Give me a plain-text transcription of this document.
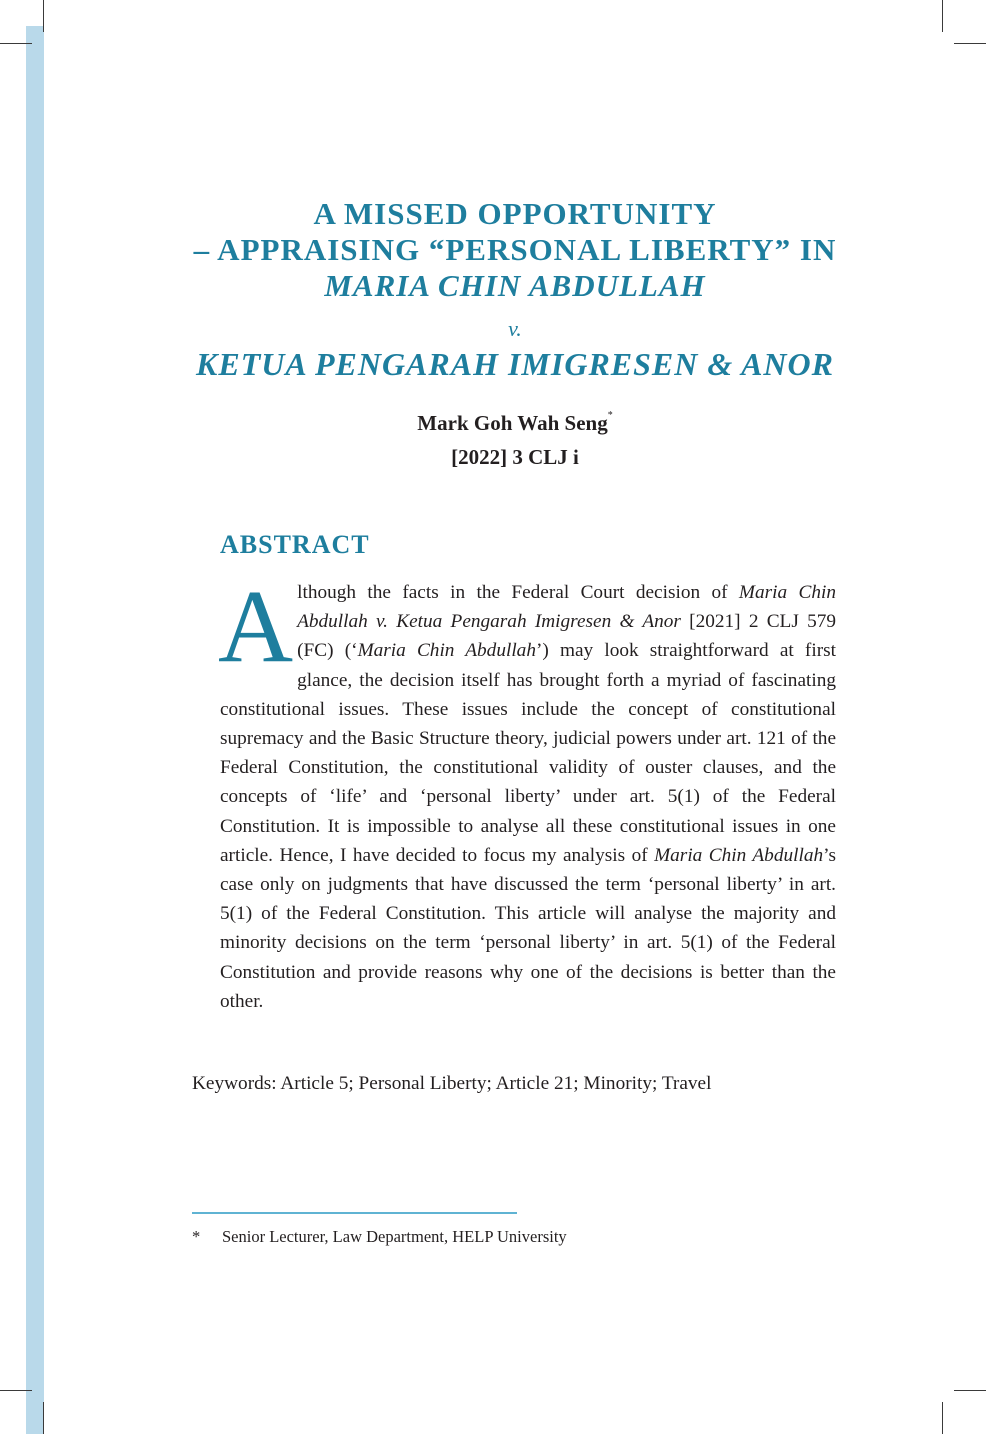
A MISSED OPPORTUNITY
– APPRAISING “PERSONAL LIBERTY” IN
MARIA CHIN ABDULLAH
v.
KETUA PENGARAH IMIGRESEN & ANOR
Mark Goh Wah Seng*
[2022] 3 CLJ i
ABSTRACT
Although the facts in the Federal Court decision of Maria Chin Abdullah v. Ketua Pengarah Imigresen & Anor [2021] 2 CLJ 579 (FC) (‘Maria Chin Abdullah’) may look straightforward at first glance, the decision itself has brought forth a myriad of fascinating constitutional issues. These issues include the concept of constitutional supremacy and the Basic Structure theory, judicial powers under art. 121 of the Federal Constitution, the constitutional validity of ouster clauses, and the concepts of ‘life’ and ‘personal liberty’ under art. 5(1) of the Federal Constitution. It is impossible to analyse all these constitutional issues in one article. Hence, I have decided to focus my analysis of Maria Chin Abdullah’s case only on judgments that have discussed the term ‘personal liberty’ in art. 5(1) of the Federal Constitution. This article will analyse the majority and minority decisions on the term ‘personal liberty’ in art. 5(1) of the Federal Constitution and provide reasons why one of the decisions is better than the other.
Keywords: Article 5; Personal Liberty; Article 21; Minority; Travel
* Senior Lecturer, Law Department, HELP University
